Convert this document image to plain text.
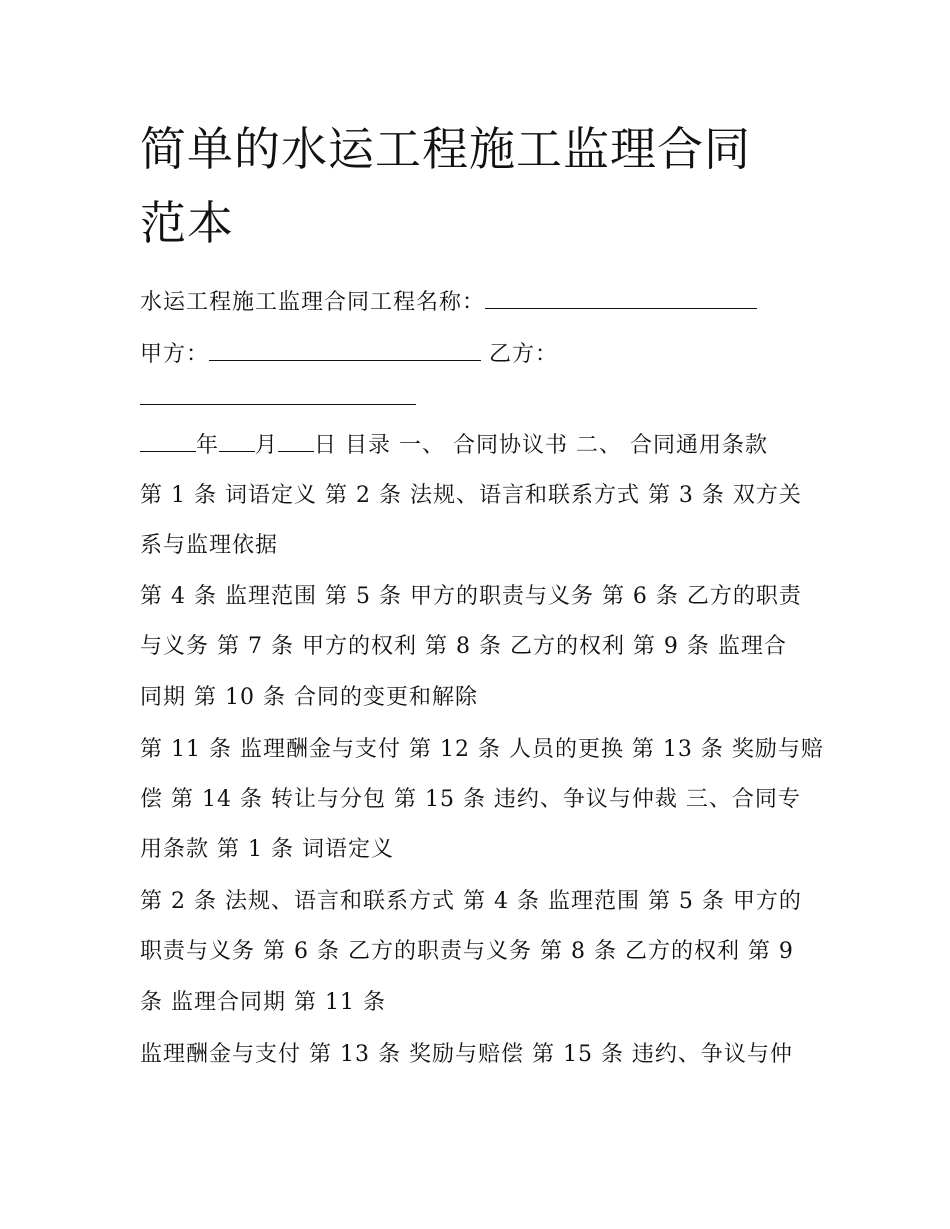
简单的水运工程施工监理合同
范本

水运工程施工监理合同工程名称：

甲方：	乙方：

年 月 日 目录 一、 合同协议书 二、 合同通用条款

第 1 条 词语定义 第 2 条 法规、语言和联系方式 第 3 条 双方关

系与监理依据

第 4 条 监理范围 第 5 条 甲方的职责与义务 第 6 条 乙方的职责

与义务 第 7 条 甲方的权利 第 8 条 乙方的权利 第 9 条 监理合

同期 第 10 条 合同的变更和解除

第 11 条 监理酬金与支付 第 12 条 人员的更换 第 13 条 奖励与赔

偿 第 14 条 转让与分包 第 15 条 违约、争议与仲裁 三、合同专

用条款 第 1 条 词语定义

第 2 条 法规、语言和联系方式 第 4 条 监理范围 第 5 条 甲方的

职责与义务 第 6 条 乙方的职责与义务 第 8 条 乙方的权利 第 9

条 监理合同期 第 11 条

监理酬金与支付 第 13 条 奖励与赔偿 第 15 条 违约、争议与仲
